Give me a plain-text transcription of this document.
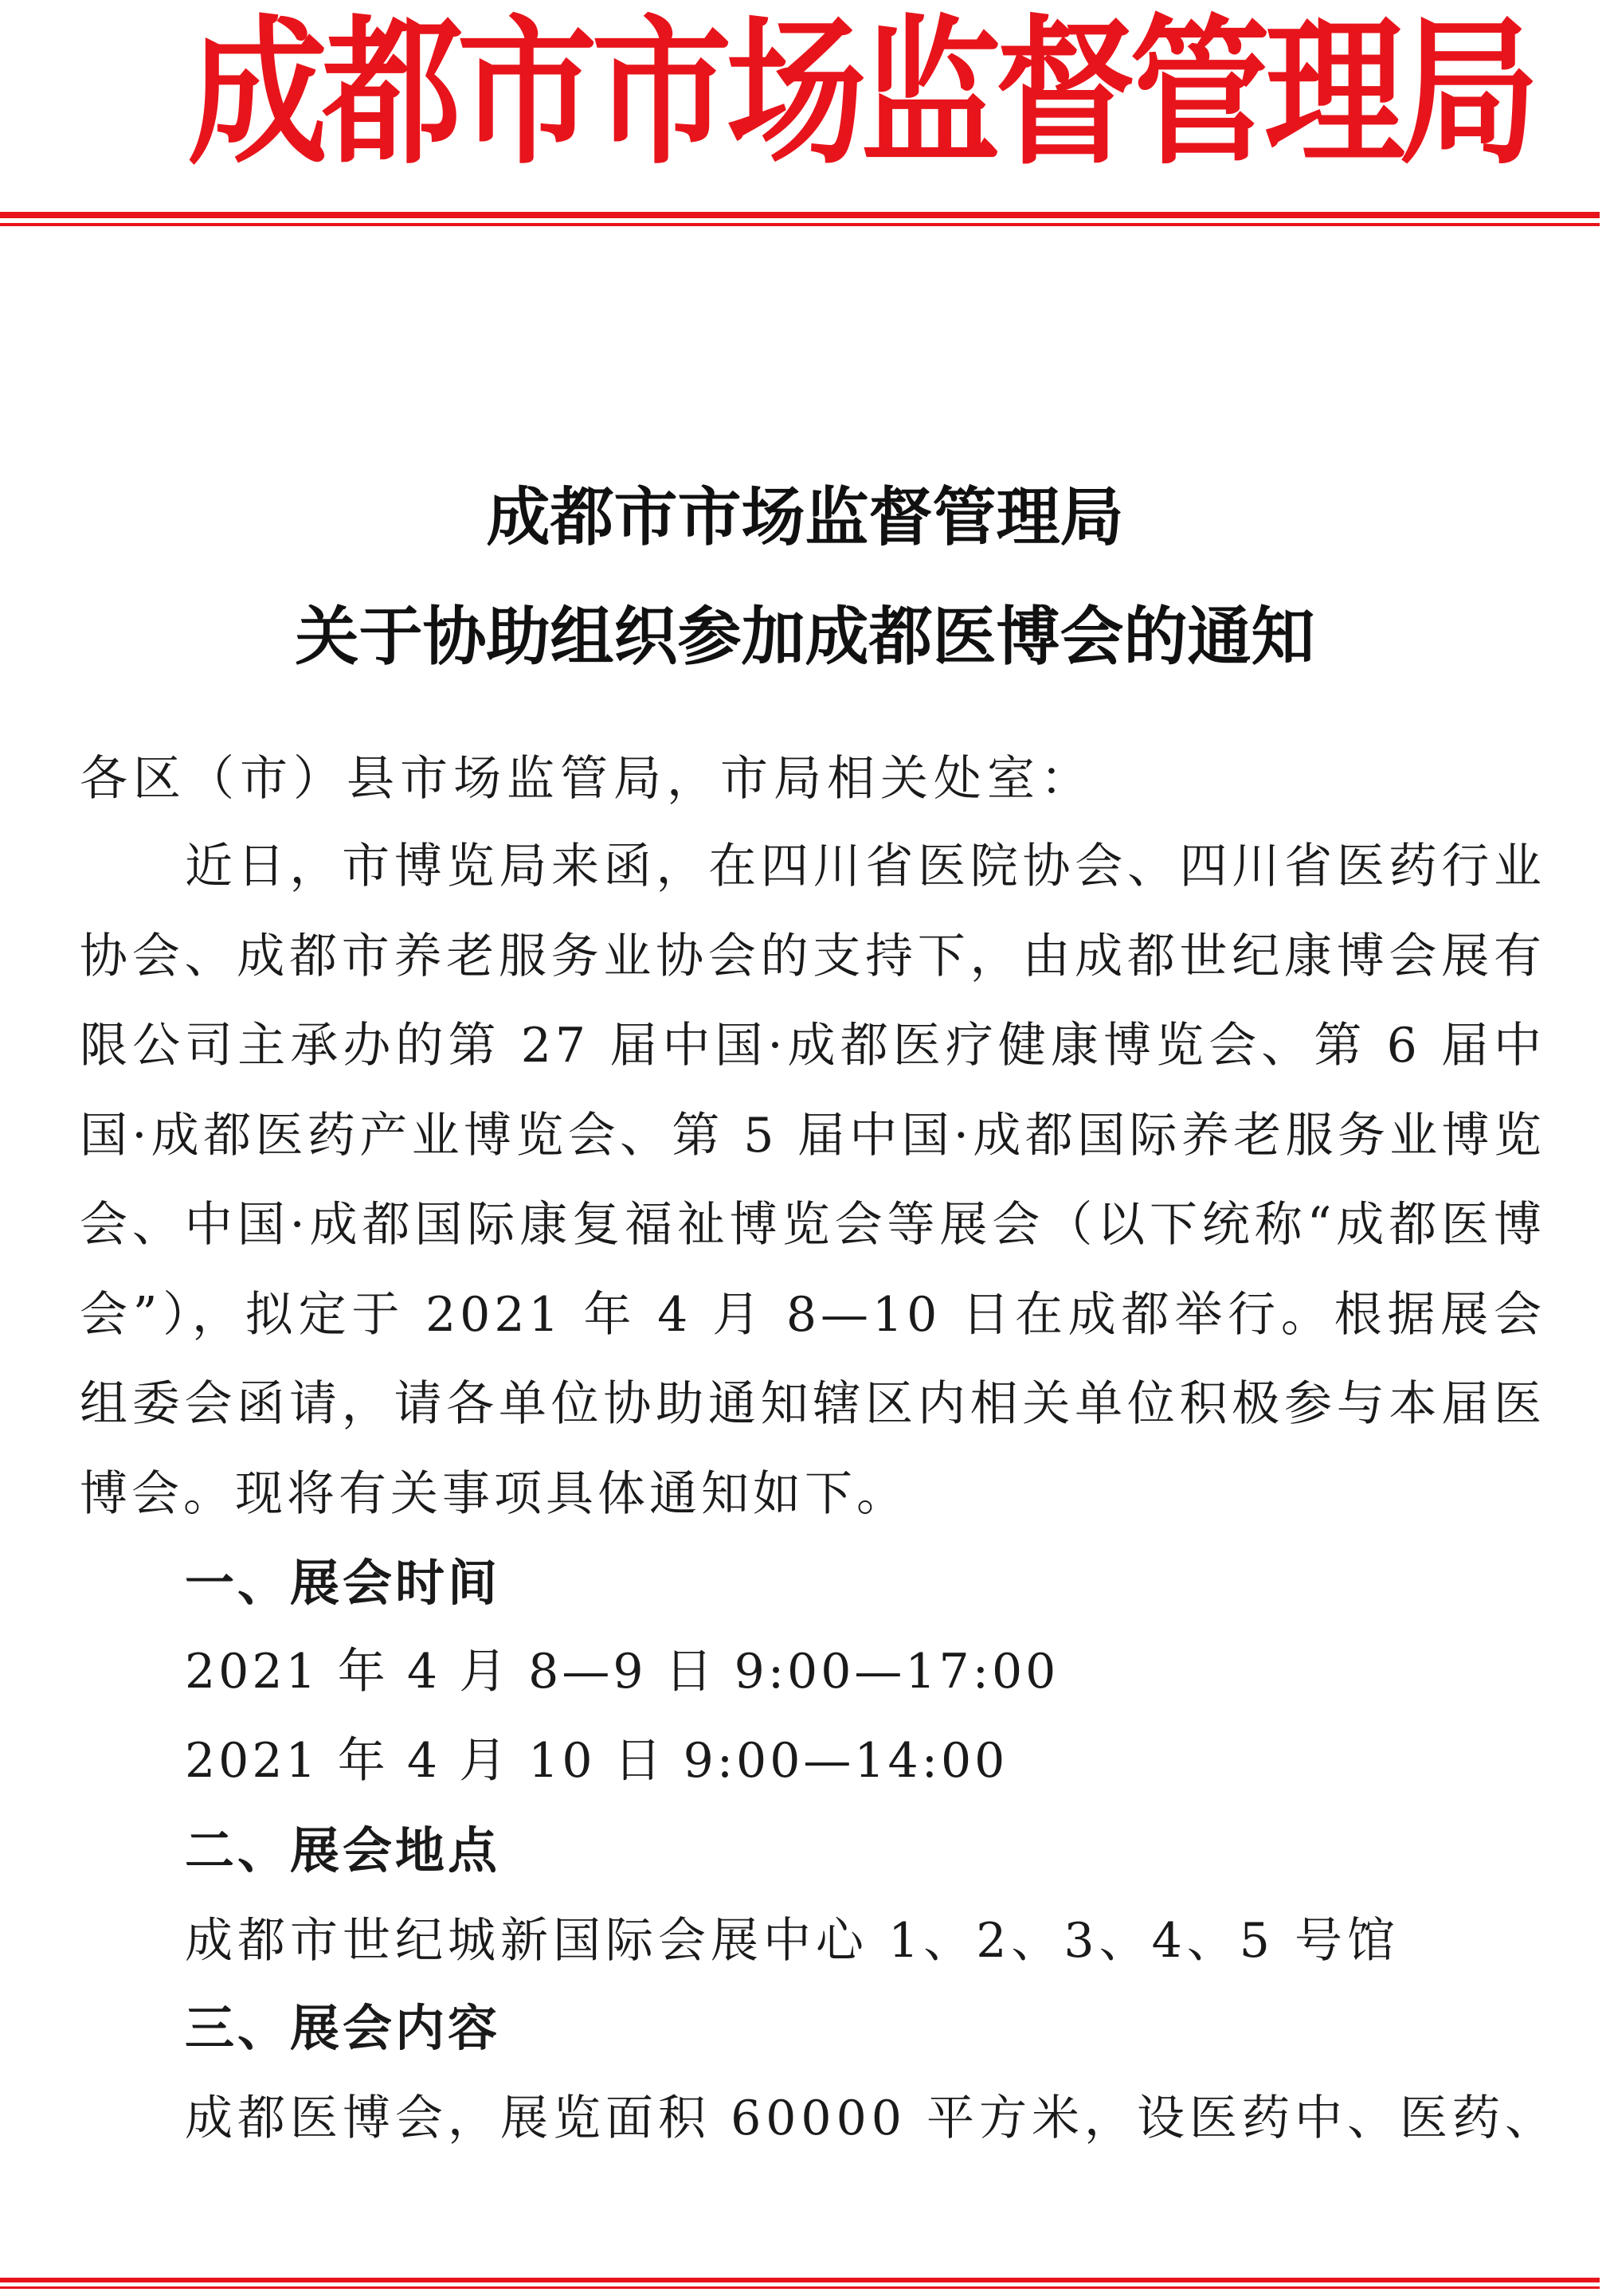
成都市市场监督管理局
成都市市场监督管理局
关于协助组织参加成都医博会的通知
各区（市）县市场监管局，市局相关处室：
近日，市博览局来函，在四川省医院协会、四川省医药行业协会、成都市养老服务业协会的支持下，由成都世纪康博会展有限公司主承办的第 27 届中国·成都医疗健康博览会、第 6 届中国·成都医药产业博览会、第 5 届中国·成都国际养老服务业博览会、中国·成都国际康复福祉博览会等展会（以下统称“成都医博会”），拟定于 2021 年 4 月 8—10 日在成都举行。根据展会组委会函请，请各单位协助通知辖区内相关单位积极参与本届医博会。现将有关事项具体通知如下。
一、展会时间
2021 年 4 月 8—9 日 9:00—17:00
2021 年 4 月 10 日 9:00—14:00
二、展会地点
成都市世纪城新国际会展中心 1、2、3、4、5 号馆
三、展会内容
成都医博会，展览面积 60000 平方米，设医药中、医药、
